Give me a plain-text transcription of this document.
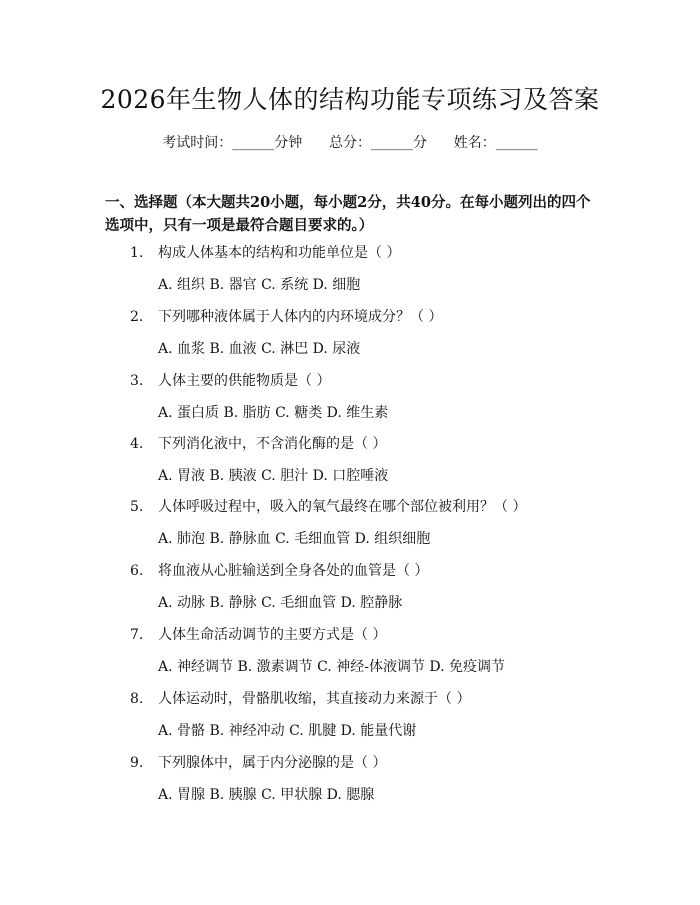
2026年生物人体的结构功能专项练习及答案
考试时间：______分钟      总分：______分      姓名：______
一、选择题（本大题共20小题，每小题2分，共40分。在每小题列出的四个选项中，只有一项是最符合题目要求的。）
1. 构成人体基本的结构和功能单位是（ ）
A. 组织 B. 器官 C. 系统 D. 细胞
2. 下列哪种液体属于人体内的内环境成分？（ ）
A. 血浆 B. 血液 C. 淋巴 D. 尿液
3. 人体主要的供能物质是（ ）
A. 蛋白质 B. 脂肪 C. 糖类 D. 维生素
4. 下列消化液中，不含消化酶的是（ ）
A. 胃液 B. 胰液 C. 胆汁 D. 口腔唾液
5. 人体呼吸过程中，吸入的氧气最终在哪个部位被利用？（ ）
A. 肺泡 B. 静脉血 C. 毛细血管 D. 组织细胞
6. 将血液从心脏输送到全身各处的血管是（ ）
A. 动脉 B. 静脉 C. 毛细血管 D. 腔静脉
7. 人体生命活动调节的主要方式是（ ）
A. 神经调节 B. 激素调节 C. 神经-体液调节 D. 免疫调节
8. 人体运动时，骨骼肌收缩，其直接动力来源于（ ）
A. 骨骼 B. 神经冲动 C. 肌腱 D. 能量代谢
9. 下列腺体中，属于内分泌腺的是（ ）
A. 胃腺 B. 胰腺 C. 甲状腺 D. 腮腺
